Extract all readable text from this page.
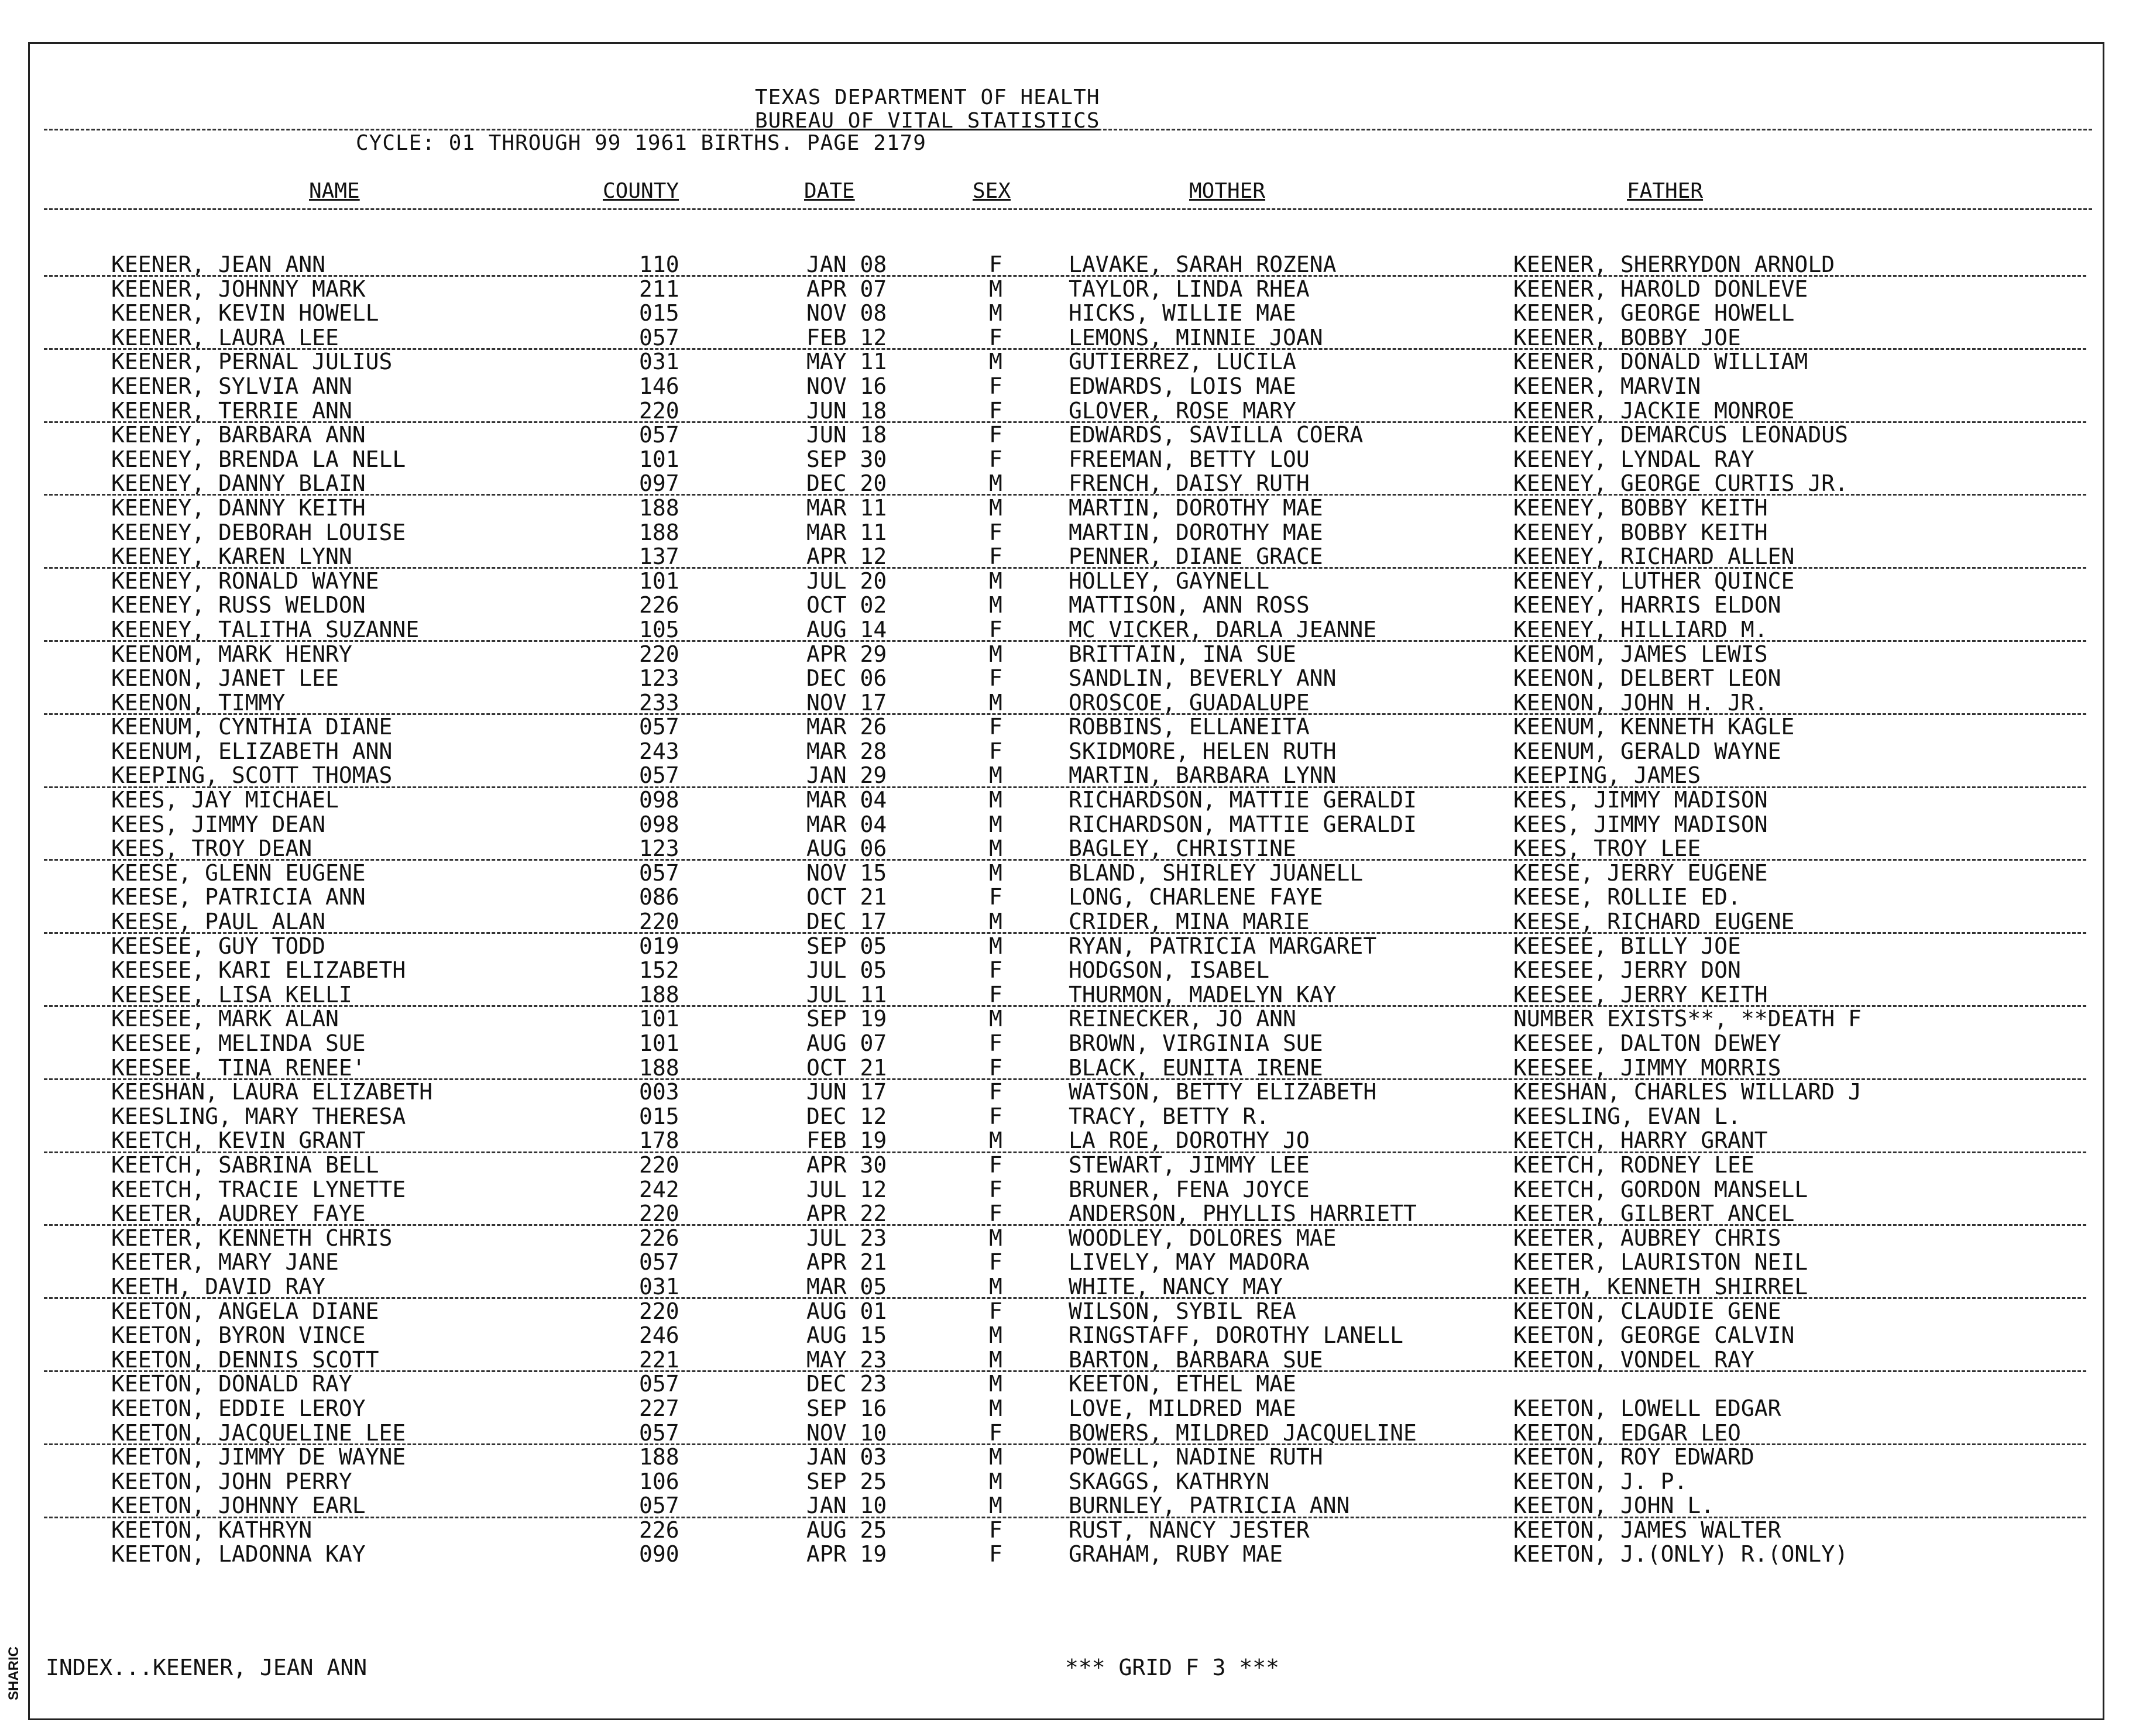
SHARIC
TEXAS DEPARTMENT OF HEALTH
BUREAU OF VITAL STATISTICS
CYCLE: 01 THROUGH 99 1961 BIRTHS. PAGE 2179
NAME	COUNTY	DATE	SEX	MOTHER	FATHER
KEENER, JEAN ANN	110	JAN 08	F	LAVAKE, SARAH ROZENA	KEENER, SHERRYDON ARNOLD
KEENER, JOHNNY MARK	211	APR 07	M	TAYLOR, LINDA RHEA	KEENER, HAROLD DONLEVE
KEENER, KEVIN HOWELL	015	NOV 08	M	HICKS, WILLIE MAE	KEENER, GEORGE HOWELL
KEENER, LAURA LEE	057	FEB 12	F	LEMONS, MINNIE JOAN	KEENER, BOBBY JOE
KEENER, PERNAL JULIUS	031	MAY 11	M	GUTIERREZ, LUCILA	KEENER, DONALD WILLIAM
KEENER, SYLVIA ANN	146	NOV 16	F	EDWARDS, LOIS MAE	KEENER, MARVIN
KEENER, TERRIE ANN	220	JUN 18	F	GLOVER, ROSE MARY	KEENER, JACKIE MONROE
KEENEY, BARBARA ANN	057	JUN 18	F	EDWARDS, SAVILLA COERA	KEENEY, DEMARCUS LEONADUS
KEENEY, BRENDA LA NELL	101	SEP 30	F	FREEMAN, BETTY LOU	KEENEY, LYNDAL RAY
KEENEY, DANNY BLAIN	097	DEC 20	M	FRENCH, DAISY RUTH	KEENEY, GEORGE CURTIS JR.
KEENEY, DANNY KEITH	188	MAR 11	M	MARTIN, DOROTHY MAE	KEENEY, BOBBY KEITH
KEENEY, DEBORAH LOUISE	188	MAR 11	F	MARTIN, DOROTHY MAE	KEENEY, BOBBY KEITH
KEENEY, KAREN LYNN	137	APR 12	F	PENNER, DIANE GRACE	KEENEY, RICHARD ALLEN
KEENEY, RONALD WAYNE	101	JUL 20	M	HOLLEY, GAYNELL	KEENEY, LUTHER QUINCE
KEENEY, RUSS WELDON	226	OCT 02	M	MATTISON, ANN ROSS	KEENEY, HARRIS ELDON
KEENEY, TALITHA SUZANNE	105	AUG 14	F	MC VICKER, DARLA JEANNE	KEENEY, HILLIARD M.
KEENOM, MARK HENRY	220	APR 29	M	BRITTAIN, INA SUE	KEENOM, JAMES LEWIS
KEENON, JANET LEE	123	DEC 06	F	SANDLIN, BEVERLY ANN	KEENON, DELBERT LEON
KEENON, TIMMY	233	NOV 17	M	OROSCOE, GUADALUPE	KEENON, JOHN H. JR.
KEENUM, CYNTHIA DIANE	057	MAR 26	F	ROBBINS, ELLANEITA	KEENUM, KENNETH KAGLE
KEENUM, ELIZABETH ANN	243	MAR 28	F	SKIDMORE, HELEN RUTH	KEENUM, GERALD WAYNE
KEEPING, SCOTT THOMAS	057	JAN 29	M	MARTIN, BARBARA LYNN	KEEPING, JAMES
KEES, JAY MICHAEL	098	MAR 04	M	RICHARDSON, MATTIE GERALDI	KEES, JIMMY MADISON
KEES, JIMMY DEAN	098	MAR 04	M	RICHARDSON, MATTIE GERALDI	KEES, JIMMY MADISON
KEES, TROY DEAN	123	AUG 06	M	BAGLEY, CHRISTINE	KEES, TROY LEE
KEESE, GLENN EUGENE	057	NOV 15	M	BLAND, SHIRLEY JUANELL	KEESE, JERRY EUGENE
KEESE, PATRICIA ANN	086	OCT 21	F	LONG, CHARLENE FAYE	KEESE, ROLLIE ED.
KEESE, PAUL ALAN	220	DEC 17	M	CRIDER, MINA MARIE	KEESE, RICHARD EUGENE
KEESEE, GUY TODD	019	SEP 05	M	RYAN, PATRICIA MARGARET	KEESEE, BILLY JOE
KEESEE, KARI ELIZABETH	152	JUL 05	F	HODGSON, ISABEL	KEESEE, JERRY DON
KEESEE, LISA KELLI	188	JUL 11	F	THURMON, MADELYN KAY	KEESEE, JERRY KEITH
KEESEE, MARK ALAN	101	SEP 19	M	REINECKER, JO ANN	NUMBER EXISTS**, **DEATH F
KEESEE, MELINDA SUE	101	AUG 07	F	BROWN, VIRGINIA SUE	KEESEE, DALTON DEWEY
KEESEE, TINA RENEE'	188	OCT 21	F	BLACK, EUNITA IRENE	KEESEE, JIMMY MORRIS
KEESHAN, LAURA ELIZABETH	003	JUN 17	F	WATSON, BETTY ELIZABETH	KEESHAN, CHARLES WILLARD J
KEESLING, MARY THERESA	015	DEC 12	F	TRACY, BETTY R.	KEESLING, EVAN L.
KEETCH, KEVIN GRANT	178	FEB 19	M	LA ROE, DOROTHY JO	KEETCH, HARRY GRANT
KEETCH, SABRINA BELL	220	APR 30	F	STEWART, JIMMY LEE	KEETCH, RODNEY LEE
KEETCH, TRACIE LYNETTE	242	JUL 12	F	BRUNER, FENA JOYCE	KEETCH, GORDON MANSELL
KEETER, AUDREY FAYE	220	APR 22	F	ANDERSON, PHYLLIS HARRIETT	KEETER, GILBERT ANCEL
KEETER, KENNETH CHRIS	226	JUL 23	M	WOODLEY, DOLORES MAE	KEETER, AUBREY CHRIS
KEETER, MARY JANE	057	APR 21	F	LIVELY, MAY MADORA	KEETER, LAURISTON NEIL
KEETH, DAVID RAY	031	MAR 05	M	WHITE, NANCY MAY	KEETH, KENNETH SHIRREL
KEETON, ANGELA DIANE	220	AUG 01	F	WILSON, SYBIL REA	KEETON, CLAUDIE GENE
KEETON, BYRON VINCE	246	AUG 15	M	RINGSTAFF, DOROTHY LANELL	KEETON, GEORGE CALVIN
KEETON, DENNIS SCOTT	221	MAY 23	M	BARTON, BARBARA SUE	KEETON, VONDEL RAY
KEETON, DONALD RAY	057	DEC 23	M	KEETON, ETHEL MAE
KEETON, EDDIE LEROY	227	SEP 16	M	LOVE, MILDRED MAE	KEETON, LOWELL EDGAR
KEETON, JACQUELINE LEE	057	NOV 10	F	BOWERS, MILDRED JACQUELINE	KEETON, EDGAR LEO
KEETON, JIMMY DE WAYNE	188	JAN 03	M	POWELL, NADINE RUTH	KEETON, ROY EDWARD
KEETON, JOHN PERRY	106	SEP 25	M	SKAGGS, KATHRYN	KEETON, J. P.
KEETON, JOHNNY EARL	057	JAN 10	M	BURNLEY, PATRICIA ANN	KEETON, JOHN L.
KEETON, KATHRYN	226	AUG 25	F	RUST, NANCY JESTER	KEETON, JAMES WALTER
KEETON, LADONNA KAY	090	APR 19	F	GRAHAM, RUBY MAE	KEETON, J.(ONLY) R.(ONLY)
INDEX...KEENER, JEAN ANN	*** GRID F 3 ***
